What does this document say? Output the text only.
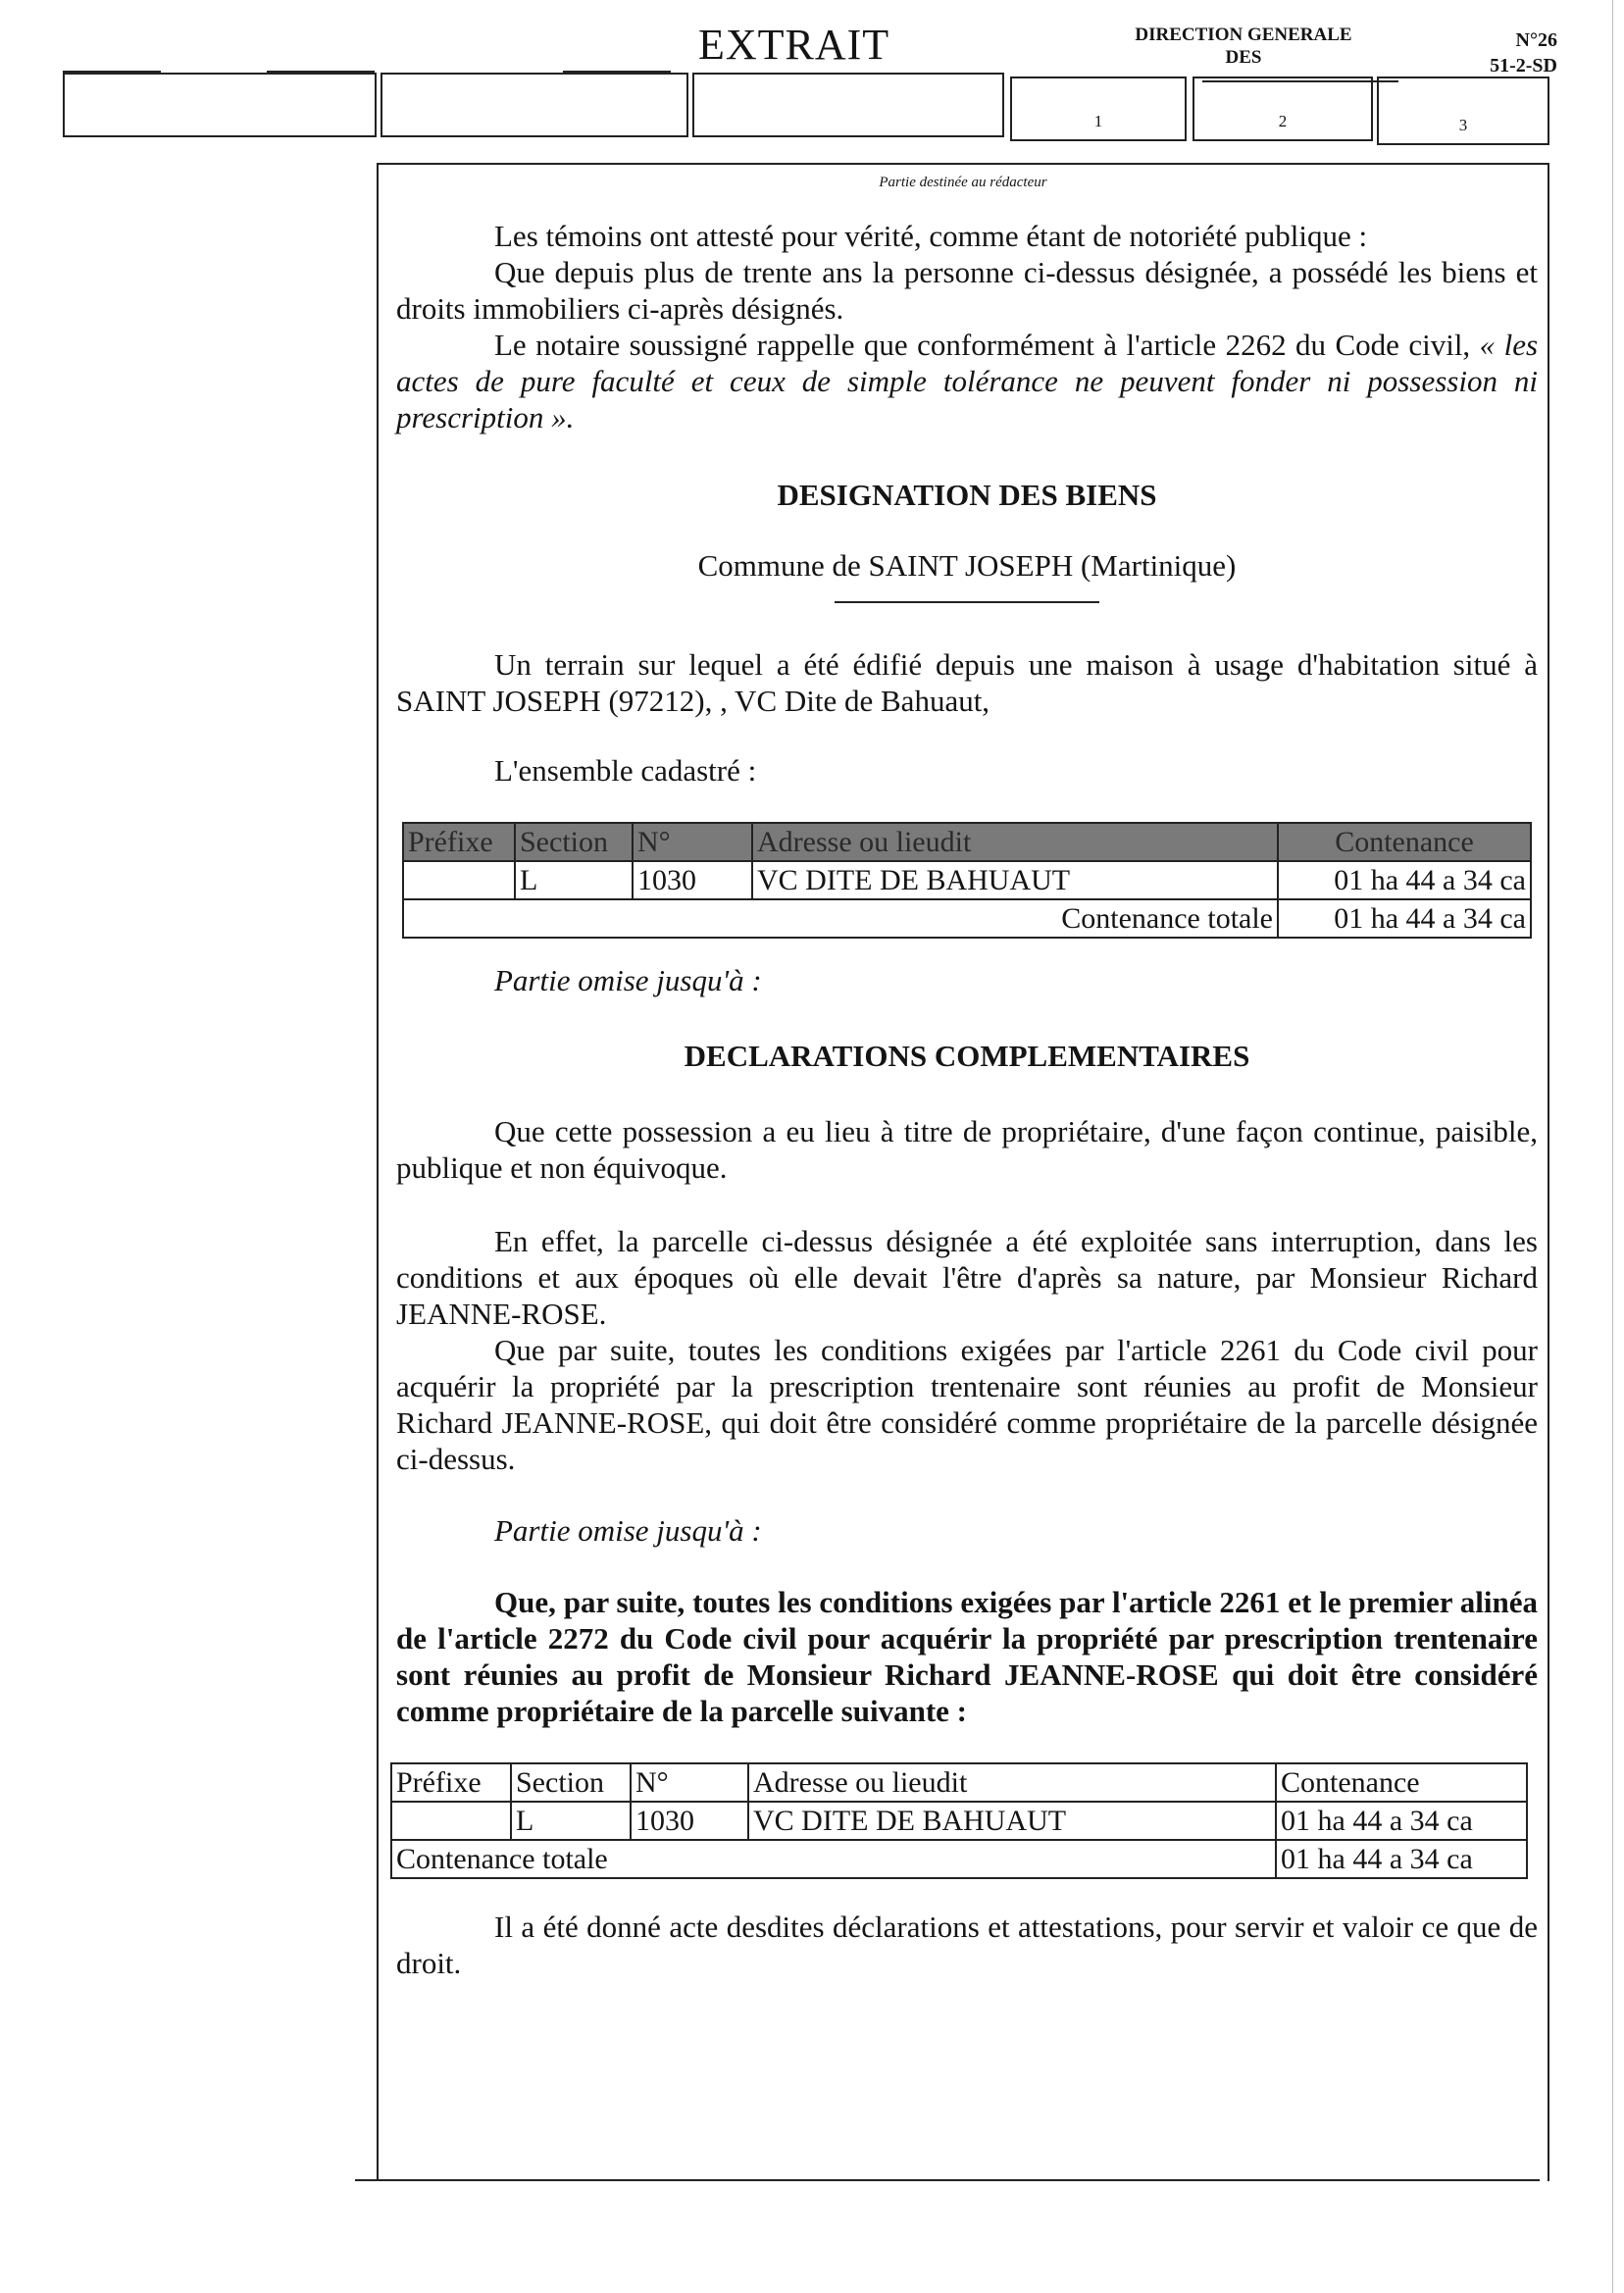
EXTRAIT	DIRECTION GENERALE
DES
N°26
51-2-SD
1	2	3
Partie destinée au rédacteur

Les témoins ont attesté pour vérité, comme étant de notoriété publique :

Que depuis plus de trente ans la personne ci-dessus désignée, a possédé les biens et droits immobiliers ci-après désignés.

Le notaire soussigné rappelle que conformément à l'article 2262 du Code civil, « les actes de pure faculté et ceux de simple tolérance ne peuvent fonder ni possession ni prescription ».

DESIGNATION DES BIENS

Commune de SAINT JOSEPH (Martinique)

Un terrain sur lequel a été édifié depuis une maison à usage d'habitation situé à SAINT JOSEPH (97212), , VC Dite de Bahuaut,

L'ensemble cadastré :

Préfixe	Section	N°	Adresse ou lieudit	Contenance
	L	1030	VC DITE DE BAHUAUT	01 ha 44 a 34 ca
Contenance totale				01 ha 44 a 34 ca

Partie omise jusqu'à :

DECLARATIONS COMPLEMENTAIRES

Que cette possession a eu lieu à titre de propriétaire, d'une façon continue, paisible, publique et non équivoque.

En effet, la parcelle ci-dessus désignée a été exploitée sans interruption, dans les conditions et aux époques où elle devait l'être d'après sa nature, par Monsieur Richard JEANNE-ROSE.

Que par suite, toutes les conditions exigées par l'article 2261 du Code civil pour acquérir la propriété par la prescription trentenaire sont réunies au profit de Monsieur Richard JEANNE-ROSE, qui doit être considéré comme propriétaire de la parcelle désignée ci-dessus.

Partie omise jusqu'à :

Que, par suite, toutes les conditions exigées par l'article 2261 et le premier alinéa de l'article 2272 du Code civil pour acquérir la propriété par prescription trentenaire sont réunies au profit de Monsieur Richard JEANNE-ROSE qui doit être considéré comme propriétaire de la parcelle suivante :

Préfixe	Section	N°	Adresse ou lieudit	Contenance
	L	1030	VC DITE DE BAHUAUT	01 ha 44 a 34 ca
Contenance totale				01 ha 44 a 34 ca

Il a été donné acte desdites déclarations et attestations, pour servir et valoir ce que de droit.
